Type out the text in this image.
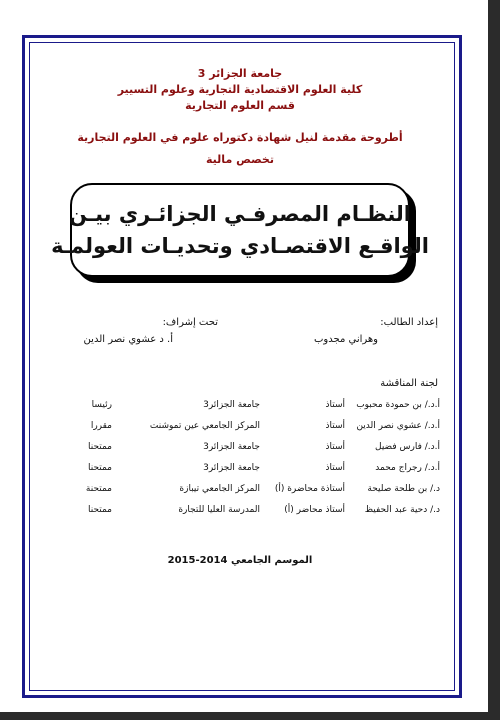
جامعة الجزائر 3
كلية العلوم الاقتصادية التجارية وعلوم التسيير
قسم العلوم التجارية
أطروحة مقدمة لنيل شهادة دكتوراه علوم في العلوم التجارية
تخصص مالية
النظـام المصرفـي الجزائـري بيـن
الواقـع الاقتصـادي وتحديـات العولمـة
إعداد الطالب:
وهراني مجدوب
تحت إشراف:
أ. د عشوي نصر الدين
لجنة المناقشة
أ.د./ بن حمودة محبوب
أستاذ
جامعة الجزائر3
رئيسا
أ.د./ عشوي نصر الدين
أستاذ
المركز الجامعي عين تموشنت
مقررا
أ.د./ فارس فضيل
أستاذ
جامعة الجزائر3
ممتحنا
أ.د./ رجراج محمد
أستاذ
جامعة الجزائر3
ممتحنا
د./ بن طلحة صليحة
أستاذة محاضرة (أ)
المركز الجامعي تيبازة
ممتحنة
د./ دحية عبد الحفيظ
أستاذ محاضر (أ)
المدرسة العليا للتجارة
ممتحنا
الموسم الجامعي 2014-2015
